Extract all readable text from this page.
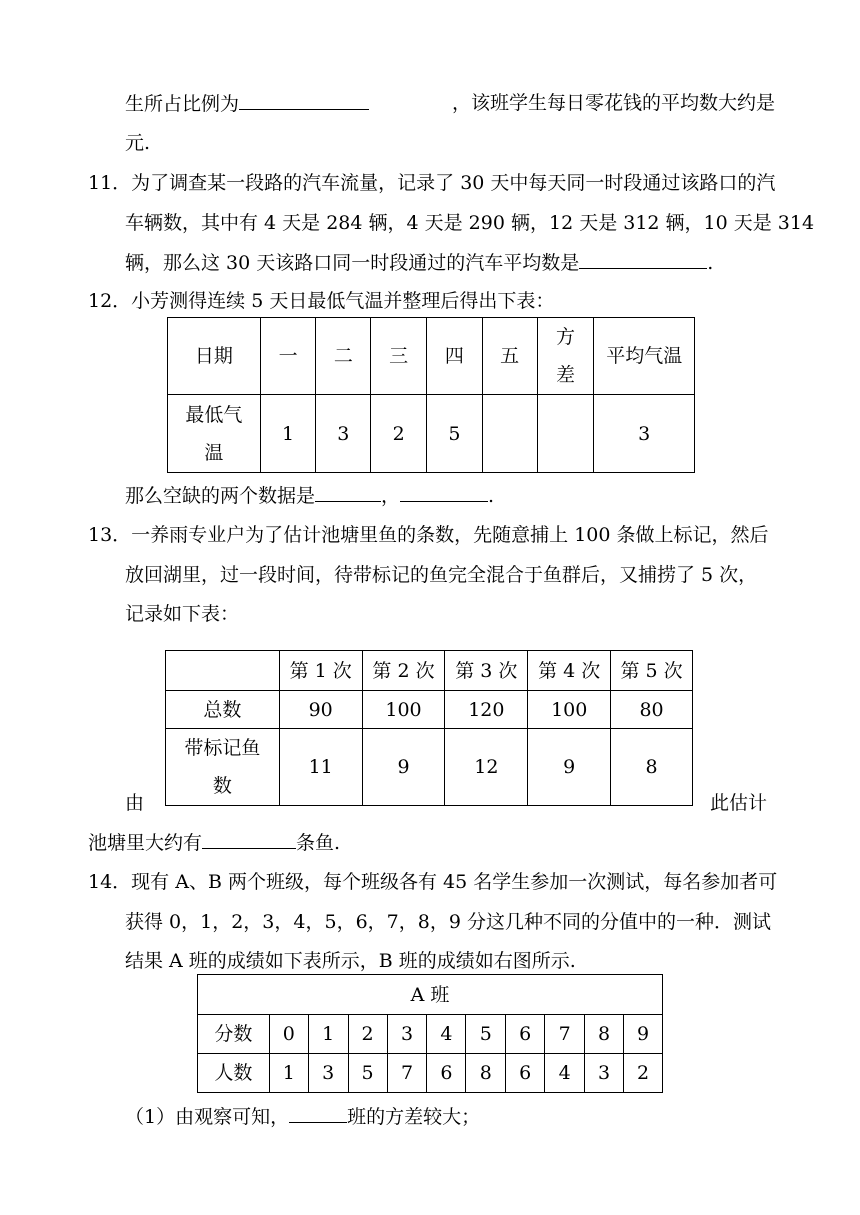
生所占比例为	，该班学生每日零花钱的平均数大约是
元.
11．为了调查某一段路的汽车流量，记录了 30 天中每天同一时段通过该路口的汽
车辆数，其中有 4 天是 284 辆，4 天是 290 辆，12 天是 312 辆，10 天是 314
辆，那么这 30 天该路口同一时段通过的汽车平均数是	.
12．小芳测得连续 5 天日最低气温并整理后得出下表：
日期	一	二	三	四	五	方差	平均气温
最低气温	1	3	2	5			3
那么空缺的两个数据是	，	.
13．一养雨专业户为了估计池塘里鱼的条数，先随意捕上 100 条做上标记，然后
放回湖里，过一段时间，待带标记的鱼完全混合于鱼群后，又捕捞了 5 次，
记录如下表：
	第 1 次	第 2 次	第 3 次	第 4 次	第 5 次
总数	90	100	120	100	80
带标记鱼数	11	9	12	9	8
由	此估计
池塘里大约有	条鱼.
14．现有 A、B 两个班级，每个班级各有 45 名学生参加一次测试，每名参加者可
获得 0，1，2，3，4，5，6，7，8，9 分这几种不同的分值中的一种．测试
结果 A 班的成绩如下表所示，B 班的成绩如右图所示.
A 班										
分数	0	1	2	3	4	5	6	7	8	9
人数	1	3	5	7	6	8	6	4	3	2
（1）由观察可知，	班的方差较大；
